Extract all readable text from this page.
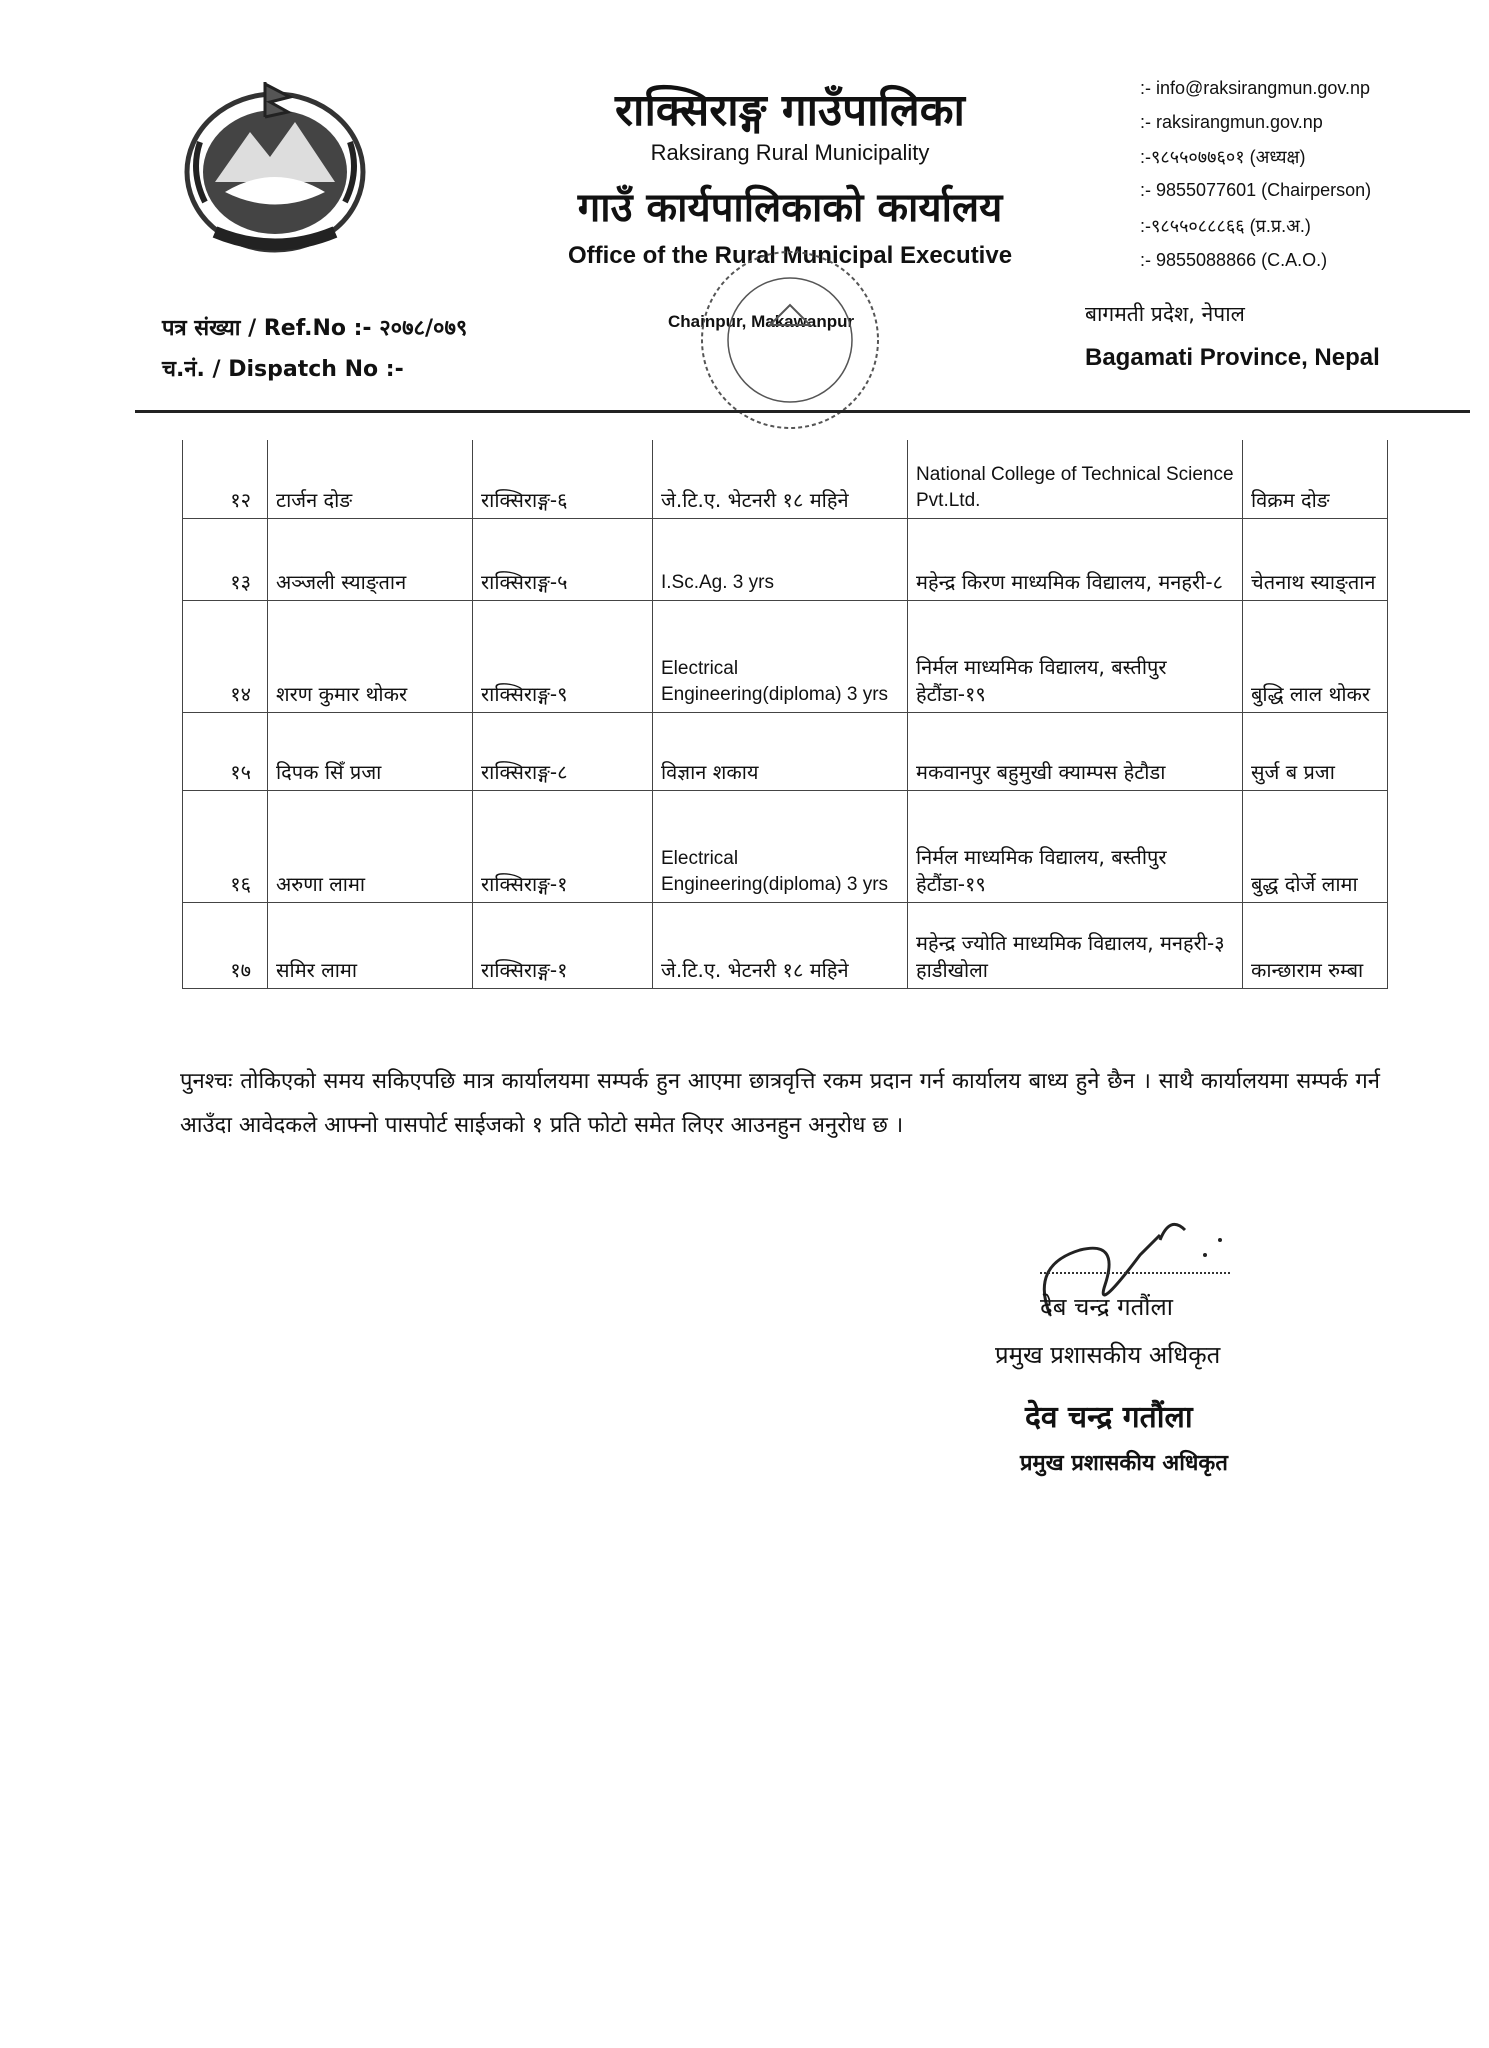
राक्सिराङ्ग गाउँपालिका
Raksirang Rural Municipality
गाउँ कार्यपालिकाको कार्यालय
Office of the Rural Municipal Executive
:- info@raksirangmun.gov.np
:- raksirangmun.gov.np
:-९८५५०७७६०१ (अध्यक्ष)
:- 9855077601 (Chairperson)
:-९८५५०८८८६६ (प्र.प्र.अ.)
:- 9855088866 (C.A.O.)
बागमती प्रदेश, नेपाल
Bagamati Province, Nepal
पत्र संख्या / Ref.No :- २०७८/०७९
च.नं. / Dispatch No :-
Chainpur, Makawanpur
१२	टार्जन दोङ	राक्सिराङ्ग-६	जे.टि.ए. भेटनरी १८ महिने	National College of Technical Science Pvt.Ltd.	विक्रम दोङ
१३	अञ्जली स्याङ्तान	राक्सिराङ्ग-५	I.Sc.Ag. 3 yrs	महेन्द्र किरण माध्यमिक विद्यालय, मनहरी-८	चेतनाथ स्याङ्तान
१४	शरण कुमार थोकर	राक्सिराङ्ग-९	Electrical Engineering(diploma) 3 yrs	निर्मल माध्यमिक विद्यालय, बस्तीपुर हेटौंडा-१९	बुद्धि लाल थोकर
१५	दिपक सिँ प्रजा	राक्सिराङ्ग-८	विज्ञान शकाय	मकवानपुर बहुमुखी क्याम्पस हेटौडा	सुर्ज ब प्रजा
१६	अरुणा लामा	राक्सिराङ्ग-१	Electrical Engineering(diploma) 3 yrs	निर्मल माध्यमिक विद्यालय, बस्तीपुर हेटौंडा-१९	बुद्ध दोर्जे लामा
१७	समिर लामा	राक्सिराङ्ग-१	जे.टि.ए. भेटनरी १८ महिने	महेन्द्र ज्योति माध्यमिक विद्यालय, मनहरी-३ हाडीखोला	कान्छाराम रुम्बा
पुनश्चः तोकिएको समय सकिएपछि मात्र कार्यालयमा सम्पर्क हुन आएमा छात्रवृत्ति रकम प्रदान गर्न कार्यालय बाध्य हुने छैन । साथै कार्यालयमा सम्पर्क गर्न आउँदा आवेदकले आफ्नो पासपोर्ट साईजको १ प्रति फोटो समेत लिएर आउनहुन अनुरोध छ ।
देब चन्द्र गतौंला
प्रमुख प्रशासकीय अधिकृत
देव चन्द्र गतौंला
प्रमुख प्रशासकीय अधिकृत
